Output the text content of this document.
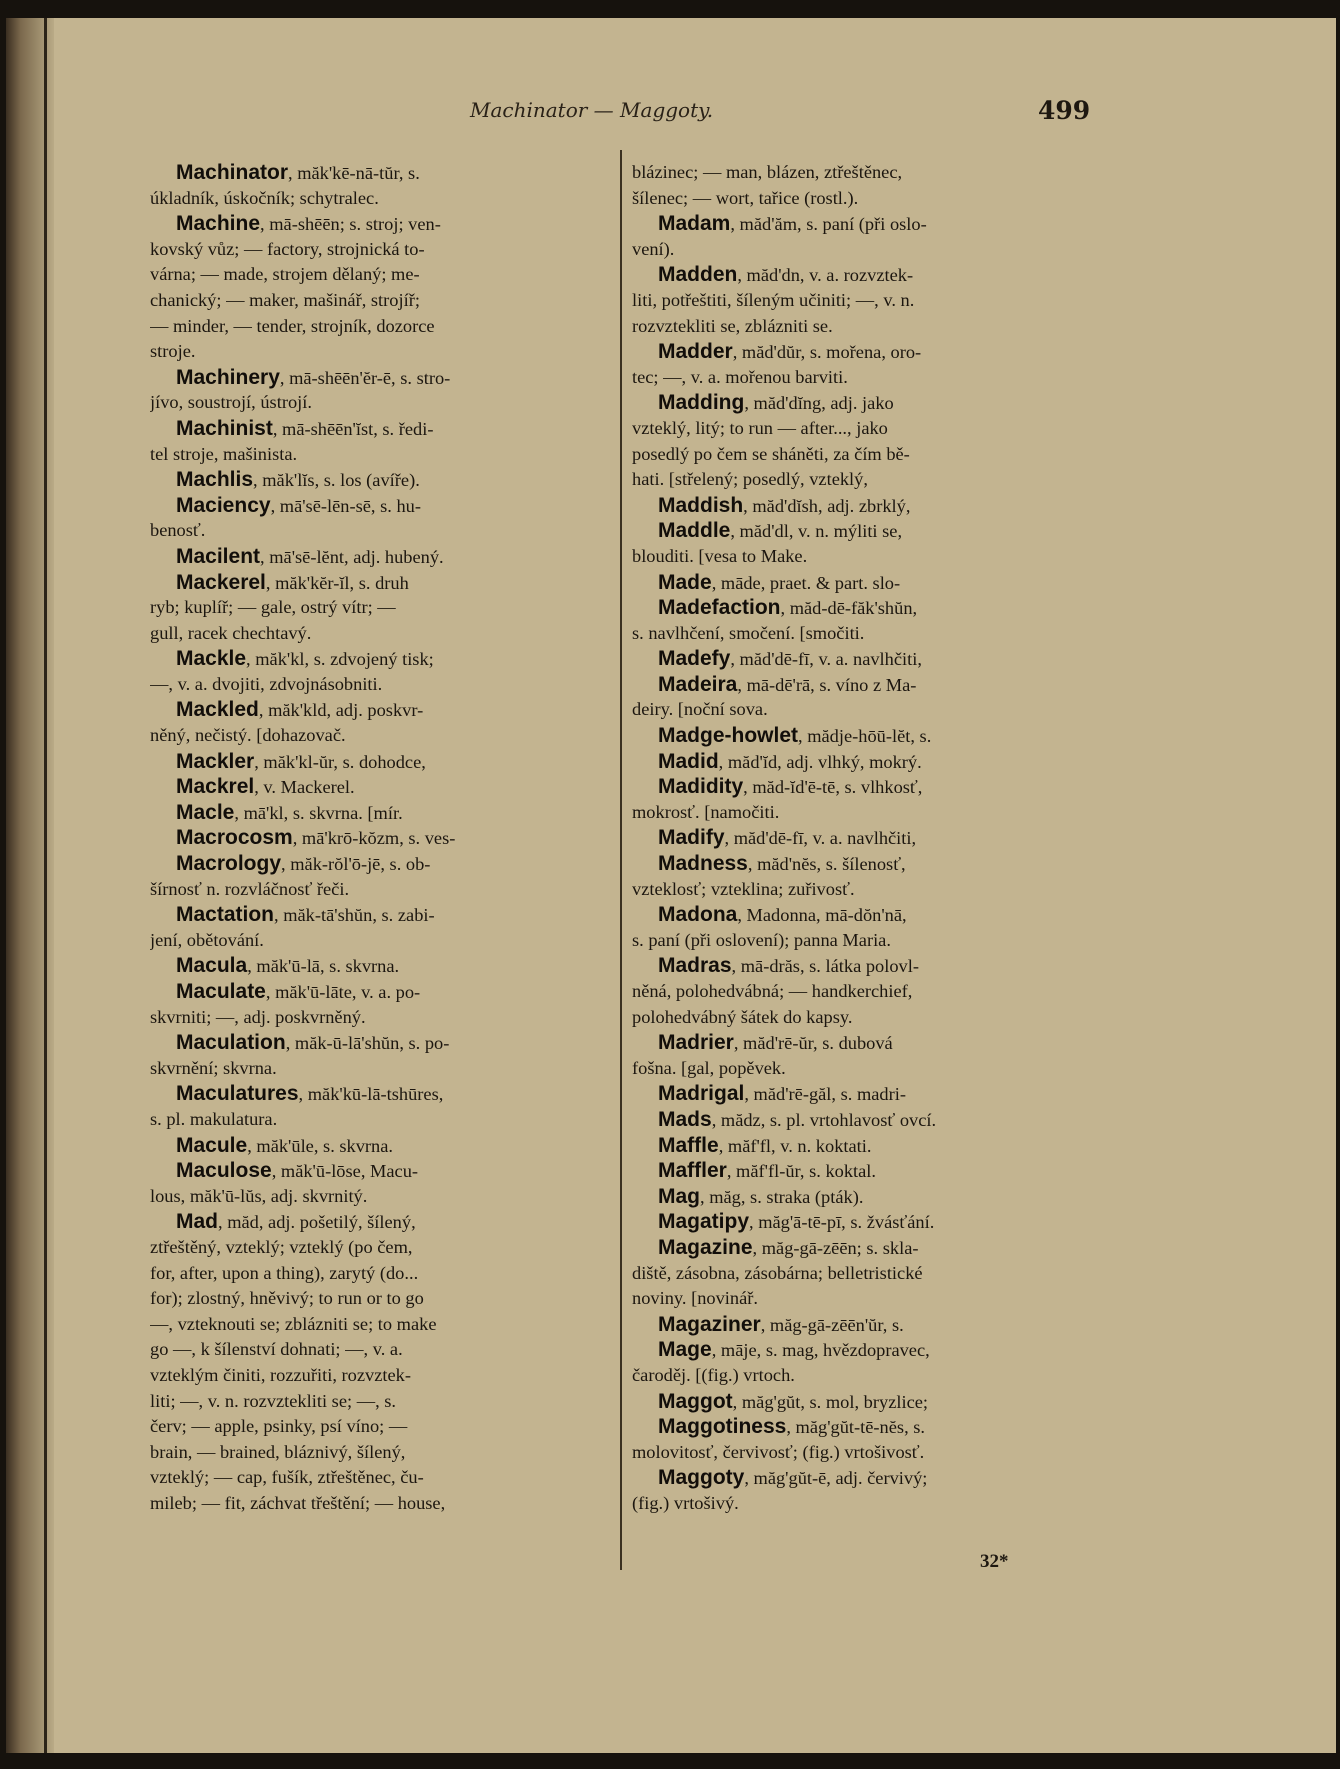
Machinator — Maggoty.	499
Machinator, măk'kē-nā-tŭr, s.
úkladník, úskočník; schytralec.
Machine, mā-shēēn; s. stroj; ven-
kovský vůz; — factory, strojnická to-
várna; — made, strojem dělaný; me-
chanický; — maker, mašinář, strojíř;
— minder, — tender, strojník, dozorce
stroje.
Machinery, mā-shēēn'ĕr-ē, s. stro-
jívo, soustrojí, ústrojí.
Machinist, mā-shēēn'ĭst, s. ředi-
tel stroje, mašinista.
Machlis, măk'lĭs, s. los (avíře).
Maciency, mā'sē-lēn-sē, s. hu-
benosť.
Macilent, mā'sē-lĕnt, adj. hubený.
Mackerel, măk'kĕr-ĭl, s. druh
ryb; kuplíř; — gale, ostrý vítr; —
gull, racek chechtavý.
Mackle, măk'kl, s. zdvojený tisk;
—, v. a. dvojiti, zdvojnásobniti.
Mackled, măk'kld, adj. poskvr-
něný, nečistý. [dohazovač.
Mackler, măk'kl-ŭr, s. dohodce,
Mackrel, v. Mackerel.
Macle, mā'kl, s. skvrna. [mír.
Macrocosm, mā'krō-kŏzm, s. ves-
Macrology, măk-rŏl'ō-jē, s. ob-
šírnosť n. rozvláčnosť řeči.
Mactation, măk-tā'shŭn, s. zabi-
jení, obětování.
Macula, măk'ū-lā, s. skvrna.
Maculate, măk'ū-lāte, v. a. po-
skvrniti; —, adj. poskvrněný.
Maculation, măk-ū-lā'shŭn, s. po-
skvrnění; skvrna.
Maculatures, măk'kū-lā-tshūres,
s. pl. makulatura.
Macule, măk'ūle, s. skvrna.
Maculose, măk'ū-lōse, Macu-
lous, măk'ū-lŭs, adj. skvrnitý.
Mad, măd, adj. pošetilý, šílený,
ztřeštěný, vzteklý; vzteklý (po čem,
for, after, upon a thing), zarytý (do...
for); zlostný, hněvivý; to run or to go
—, vzteknouti se; zblázniti se; to make
go —, k šílenství dohnati; —, v. a.
vzteklým činiti, rozzuřiti, rozvztek-
liti; —, v. n. rozvztekliti se; —, s.
červ; — apple, psinky, psí víno; —
brain, — brained, bláznivý, šílený,
vzteklý; — cap, fušík, ztřeštěnec, ču-
mileb; — fit, záchvat třeštění; — house,
blázinec; — man, blázen, ztřeštěnec,
šílenec; — wort, tařice (rostl.).
Madam, măd'ăm, s. paní (při oslo-
vení).
Madden, măd'dn, v. a. rozvztek-
liti, potřeštiti, šíleným učiniti; —, v. n.
rozvztekliti se, zblázniti se.
Madder, măd'dŭr, s. mořena, oro-
tec; —, v. a. mořenou barviti.
Madding, măd'dĭng, adj. jako
vzteklý, litý; to run — after..., jako
posedlý po čem se sháněti, za čím bě-
hati. [střelený; posedlý, vzteklý,
Maddish, măd'dĭsh, adj. zbrklý,
Maddle, măd'dl, v. n. mýliti se,
blouditi. [vesa to Make.
Made, māde, praet. & part. slo-
Madefaction, măd-dē-făk'shŭn,
s. navlhčení, smočení. [smočiti.
Madefy, măd'dē-fī, v. a. navlhčiti,
Madeira, mā-dē'rā, s. víno z Ma-
deiry. [noční sova.
Madge-howlet, mădje-hōū-lĕt, s.
Madid, măd'ĭd, adj. vlhký, mokrý.
Madidity, măd-ĭd'ē-tē, s. vlhkosť,
mokrosť. [namočiti.
Madify, măd'dē-fī, v. a. navlhčiti,
Madness, măd'nĕs, s. šílenosť,
vzteklosť; vzteklina; zuřivosť.
Madona, Madonna, mā-dŏn'nā,
s. paní (při oslovení); panna Maria.
Madras, mā-drăs, s. látka polovl-
něná, polohedvábná; — handkerchief,
polohedvábný šátek do kapsy.
Madrier, măd'rē-ŭr, s. dubová
fošna. [gal, popěvek.
Madrigal, măd'rē-găl, s. madri-
Mads, mădz, s. pl. vrtohlavosť ovcí.
Maffle, măf'fl, v. n. koktati.
Maffler, măf'fl-ŭr, s. koktal.
Mag, măg, s. straka (pták).
Magatipy, măg'ā-tē-pī, s. žvásťání.
Magazine, măg-gā-zēēn; s. skla-
diště, zásobna, zásobárna; belletristické
noviny. [novinář.
Magaziner, măg-gā-zēēn'ŭr, s.
Mage, māje, s. mag, hvězdopravec,
čaroděj. [(fig.) vrtoch.
Maggot, măg'gŭt, s. mol, bryzlice;
Maggotiness, măg'gŭt-tē-nĕs, s.
molovitosť, červivosť; (fig.) vrtošivosť.
Maggoty, măg'gŭt-ē, adj. červivý;
(fig.) vrtošivý.
32*
